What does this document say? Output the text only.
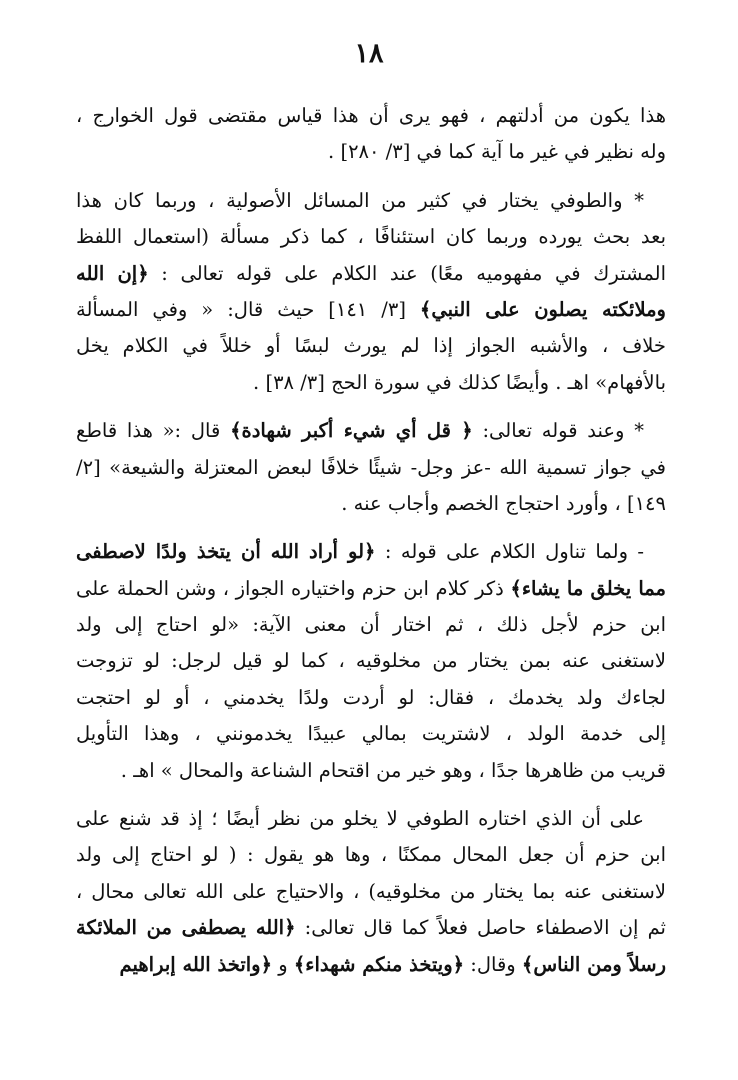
١٨
هذا يكون من أدلتهم ، فهو يرى أن هذا قياس مقتضى قول الخوارج ،
وله نظير في غير ما آية كما في [٣/ ٢٨٠] .
* والطوفي يختار في كثير من المسائل الأصولية ، وربما كان هذا
بعد بحث يورده وربما كان استئنافًا ، كما ذكر مسألة (استعمال اللفظ
المشترك في مفهوميه معًا) عند الكلام على قوله تعالى : ﴿إن الله
وملائكته يصلون على النبي﴾ [٣/ ١٤١] حيث قال: « وفي المسألة
خلاف ، والأشبه الجواز إذا لم يورث لبسًا أو خللاً في الكلام يخل
بالأفهام» اهـ . وأيضًا كذلك في سورة الحج [٣/ ٣٨] .
* وعند قوله تعالى: ﴿ قل أي شيء أكبر شهادة﴾ قال :« هذا قاطع
في جواز تسمية الله -عز وجل- شيئًا خلافًا لبعض المعتزلة والشيعة» [٢/
١٤٩] ، وأورد احتجاج الخصم وأجاب عنه .
- ولما تناول الكلام على قوله : ﴿لو أراد الله أن يتخذ ولدًا لاصطفى
مما يخلق ما يشاء﴾ ذكر كلام ابن حزم واختياره الجواز ، وشن الحملة على
ابن حزم لأجل ذلك ، ثم اختار أن معنى الآية: «لو احتاج إلى ولد
لاستغنى عنه بمن يختار من مخلوقيه ، كما لو قيل لرجل: لو تزوجت
لجاءك ولد يخدمك ، فقال: لو أردت ولدًا يخدمني ، أو لو احتجت
إلى خدمة الولد ، لاشتريت بمالي عبيدًا يخدمونني ، وهذا التأويل
قريب من ظاهرها جدًا ، وهو خير من اقتحام الشناعة والمحال » اهـ .
على أن الذي اختاره الطوفي لا يخلو من نظر أيضًا ؛ إذ قد شنع على
ابن حزم أن جعل المحال ممكنًا ، وها هو يقول : ( لو احتاج إلى ولد
لاستغنى عنه بما يختار من مخلوقيه) ، والاحتياج على الله تعالى محال ،
ثم إن الاصطفاء حاصل فعلاً كما قال تعالى: ﴿الله يصطفى من الملائكة
رسلاً ومن الناس﴾ وقال: ﴿ويتخذ منكم شهداء﴾ و ﴿واتخذ الله إبراهيم
